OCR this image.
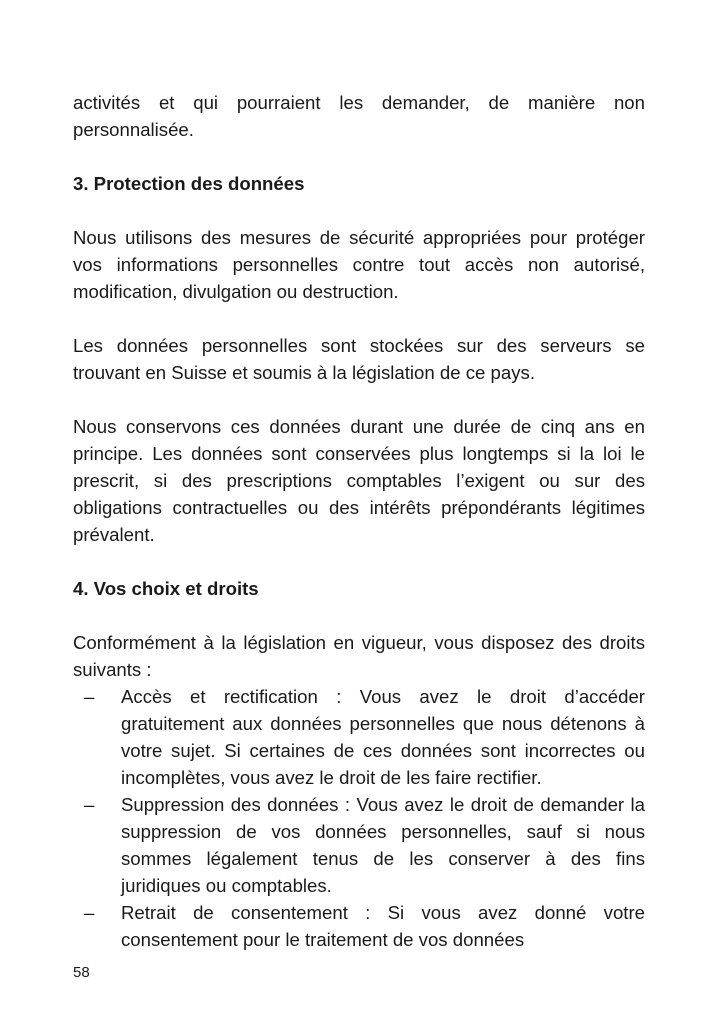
activités et qui pourraient les demander, de manière non personnalisée.

3. Protection des données

Nous utilisons des mesures de sécurité appropriées pour protéger vos informations personnelles contre tout accès non autorisé, modification, divulgation ou destruction.

Les données personnelles sont stockées sur des serveurs se trouvant en Suisse et soumis à la législation de ce pays.

Nous conservons ces données durant une durée de cinq ans en principe. Les données sont conservées plus longtemps si la loi le prescrit, si des prescriptions comptables l’exigent ou sur des obligations contractuelles ou des intérêts prépondérants légitimes prévalent.

4. Vos choix et droits

Conformément à la législation en vigueur, vous disposez des droits suivants :

– Accès et rectification : Vous avez le droit d’accéder gratuitement aux données personnelles que nous détenons à votre sujet. Si certaines de ces données sont incorrectes ou incomplètes, vous avez le droit de les faire rectifier.
– Suppression des données : Vous avez le droit de demander la suppression de vos données personnelles, sauf si nous sommes légalement tenus de les conserver à des fins juridiques ou comptables.
– Retrait de consentement : Si vous avez donné votre consentement pour le traitement de vos données
58
